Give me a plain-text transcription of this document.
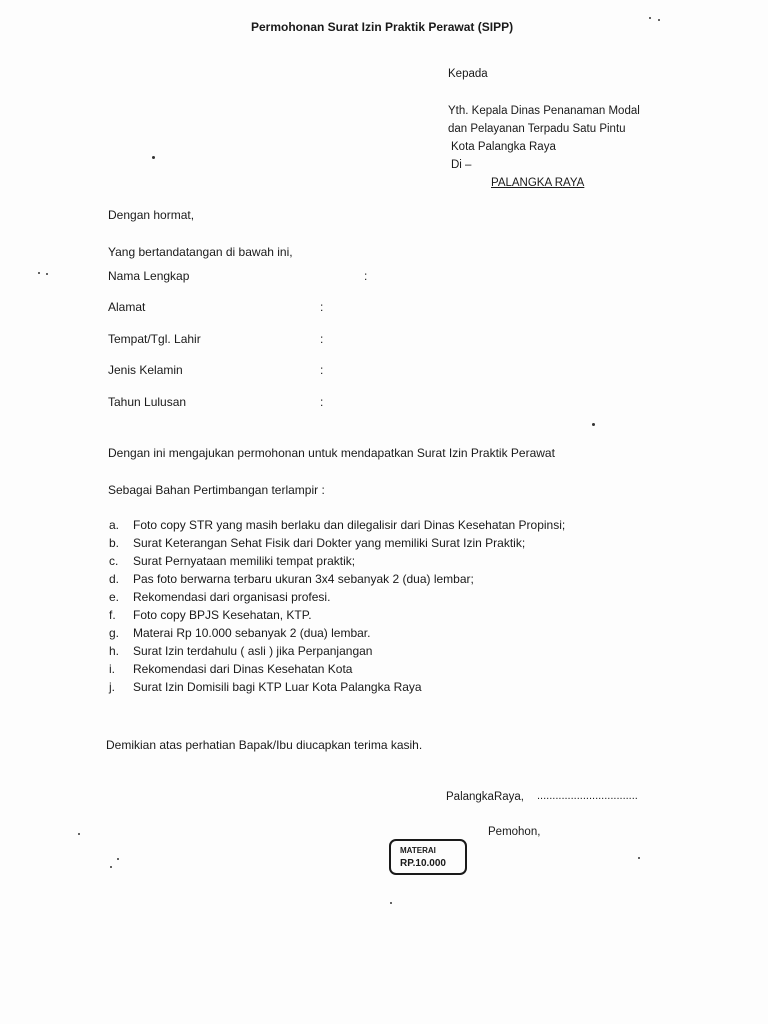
Permohonan Surat Izin Praktik Perawat (SIPP)
Kepada
Yth. Kepala Dinas Penanaman Modal
dan Pelayanan Terpadu Satu Pintu
Kota Palangka Raya
Di –
PALANGKA RAYA
Dengan hormat,
Yang bertandatangan di bawah ini,
Nama Lengkap	:
Alamat	:
Tempat/Tgl. Lahir	:
Jenis Kelamin	:
Tahun Lulusan	:
Dengan ini mengajukan permohonan untuk mendapatkan Surat Izin Praktik Perawat
Sebagai Bahan Pertimbangan terlampir :
a. Foto copy STR yang masih berlaku dan dilegalisir dari Dinas Kesehatan Propinsi;
b. Surat Keterangan Sehat Fisik dari Dokter yang memiliki Surat Izin Praktik;
c. Surat Pernyataan memiliki tempat praktik;
d. Pas foto berwarna terbaru ukuran 3x4 sebanyak 2 (dua) lembar;
e. Rekomendasi dari organisasi profesi.
f. Foto copy BPJS Kesehatan, KTP.
g. Materai Rp 10.000 sebanyak 2 (dua) lembar.
h. Surat Izin terdahulu ( asli ) jika Perpanjangan
i. Rekomendasi dari Dinas Kesehatan Kota
j. Surat Izin Domisili bagi KTP Luar Kota Palangka Raya
Demikian atas perhatian Bapak/Ibu diucapkan terima kasih.
PalangkaRaya, .................................
Pemohon,
MATERAI
RP.10.000
